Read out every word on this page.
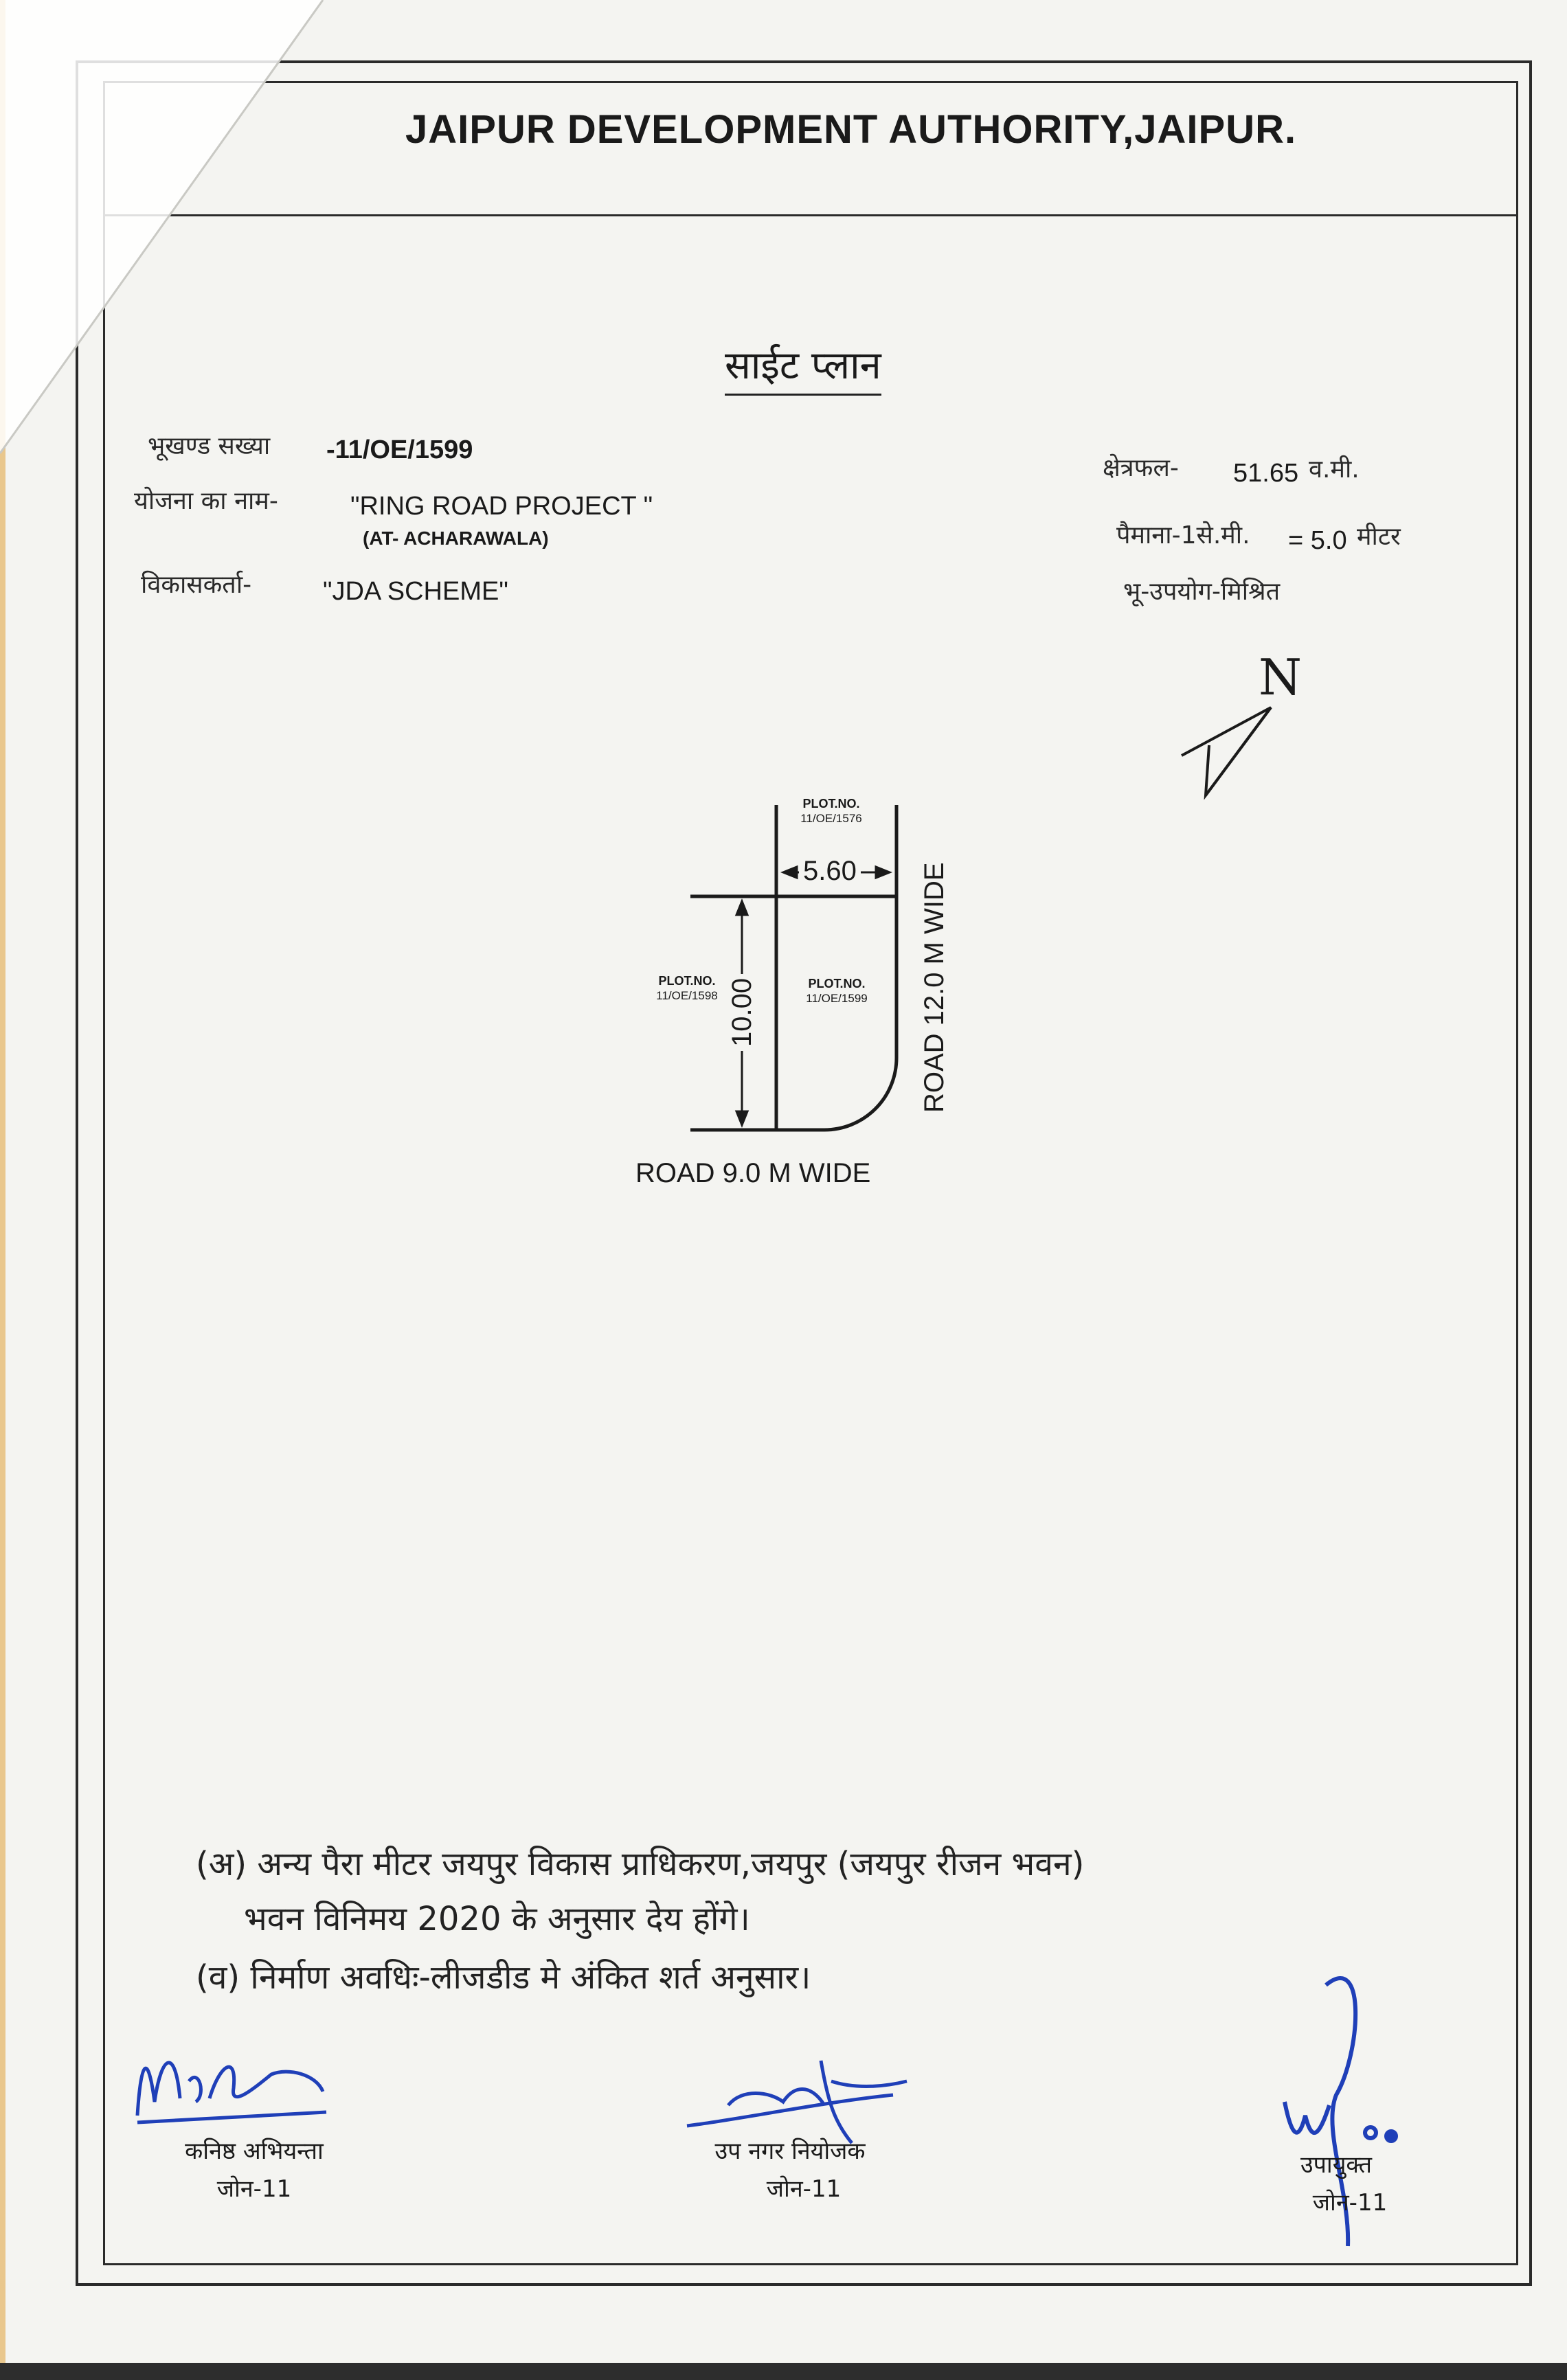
JAIPUR DEVELOPMENT AUTHORITY,JAIPUR.
साईट प्लान
भूखण्ड सख्या -11/OE/1599
योजना का नाम-	"RING ROAD PROJECT "
(AT- ACHARAWALA)
विकासकर्ता-	"JDA SCHEME"
क्षेत्रफल- 51.65 व.मी.
पैमाना-1से.मी. = 5.0 मीटर
भू-उपयोग-मिश्रित
N
PLOT.NO.
11/OE/1576
PLOT.NO.
11/OE/1598
PLOT.NO.
11/OE/1599
5.60
10.00
ROAD 9.0 M WIDE
ROAD 12.0 M WIDE
(अ) अन्य पैरा मीटर जयपुर विकास प्राधिकरण,जयपुर (जयपुर रीजन भवन)
भवन विनिमय 2020 के अनुसार देय होंगे।
(व) निर्माण अवधिः-लीजडीड मे अंकित शर्त अनुसार।
कनिष्ठ अभियन्ता
जोन-11
उप नगर नियोजक
जोन-11
उपायुक्त
जोन-11
